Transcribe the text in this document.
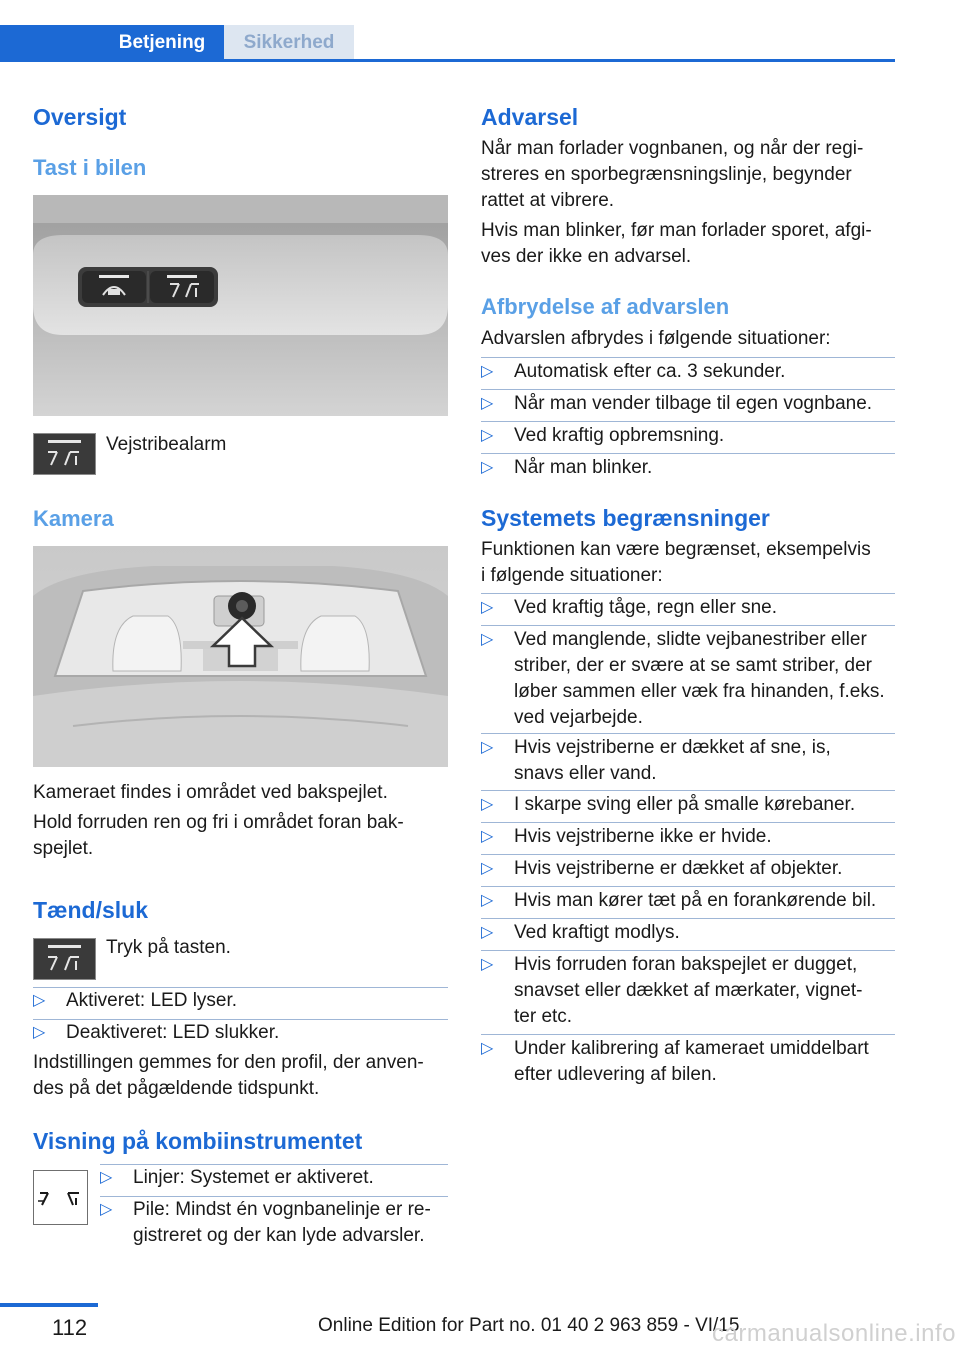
Betjening	Sikkerhed
Oversigt
Tast i bilen
Vejstribealarm
Kamera
Kameraet findes i området ved bakspejlet.
Hold forruden ren og fri i området foran bak-
spejlet.
Tænd/sluk
Tryk på tasten.
▷ Aktiveret: LED lyser.
▷ Deaktiveret: LED slukker.
Indstillingen gemmes for den profil, der anven-
des på det pågældende tidspunkt.
Visning på kombiinstrumentet
▷ Linjer: Systemet er aktiveret.
▷ Pile: Mindst én vognbanelinje er re-
gistreret og der kan lyde advarsler.
Advarsel
Når man forlader vognbanen, og når der regi-
streres en sporbegrænsningslinje, begynder
rattet at vibrere.
Hvis man blinker, før man forlader sporet, afgi-
ves der ikke en advarsel.
Afbrydelse af advarslen
Advarslen afbrydes i følgende situationer:
▷ Automatisk efter ca. 3 sekunder.
▷ Når man vender tilbage til egen vognbane.
▷ Ved kraftig opbremsning.
▷ Når man blinker.
Systemets begrænsninger
Funktionen kan være begrænset, eksempelvis
i følgende situationer:
▷ Ved kraftig tåge, regn eller sne.
▷ Ved manglende, slidte vejbanestriber eller
striber, der er svære at se samt striber, der
løber sammen eller væk fra hinanden, f.eks.
ved vejarbejde.
▷ Hvis vejstriberne er dækket af sne, is,
snavs eller vand.
▷ I skarpe sving eller på smalle kørebaner.
▷ Hvis vejstriberne ikke er hvide.
▷ Hvis vejstriberne er dækket af objekter.
▷ Hvis man kører tæt på en forankørende bil.
▷ Ved kraftigt modlys.
▷ Hvis forruden foran bakspejlet er dugget,
snavset eller dækket af mærkater, vignet-
ter etc.
▷ Under kalibrering af kameraet umiddelbart
efter udlevering af bilen.
112	Online Edition for Part no. 01 40 2 963 859 - VI/15
carmanualsonline.info
